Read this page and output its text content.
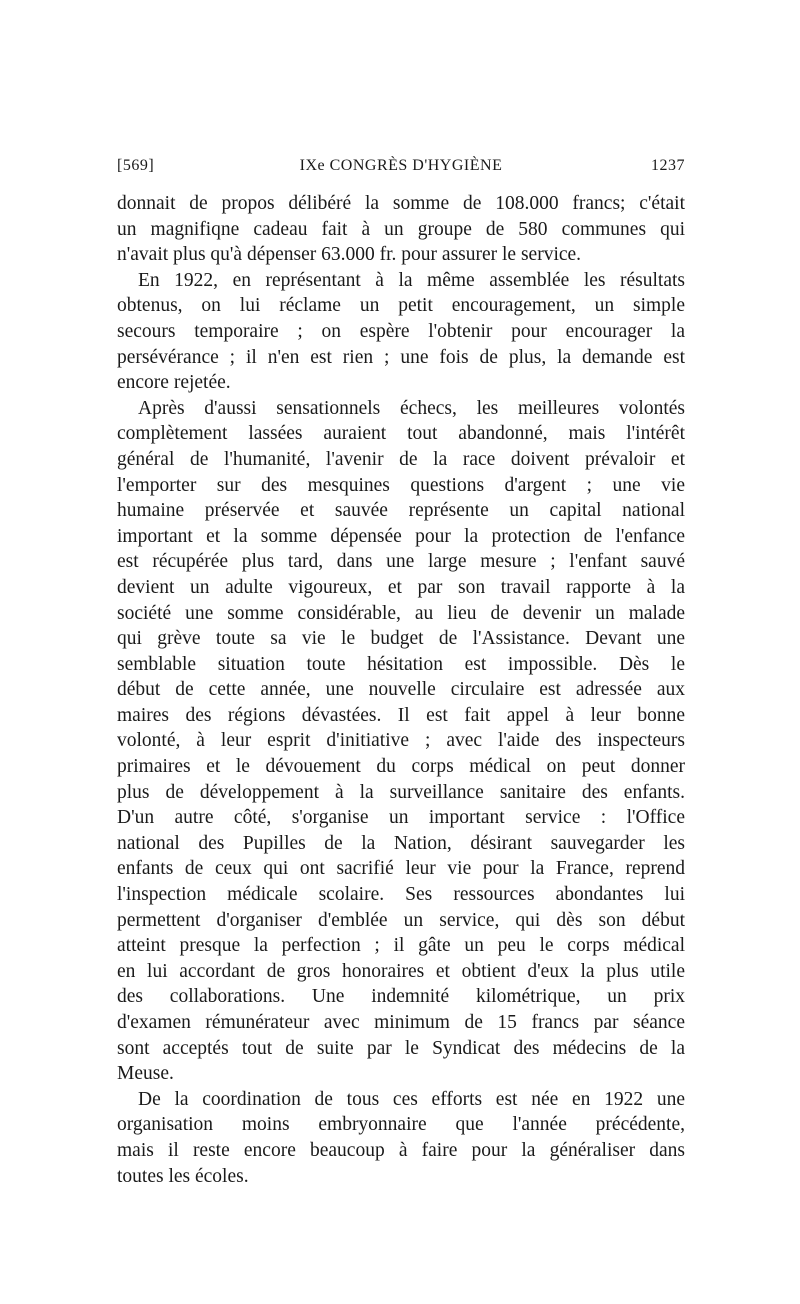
[569]	IXe CONGRÈS D'HYGIÈNE	1237
donnait de propos délibéré la somme de 108.000 francs; c'était
un magnifiqne cadeau fait à un groupe de 580 communes qui
n'avait plus qu'à dépenser 63.000 fr. pour assurer le service.
En 1922, en représentant à la même assemblée les résultats
obtenus, on lui réclame un petit encouragement, un simple
secours temporaire ; on espère l'obtenir pour encourager la
persévérance ; il n'en est rien ; une fois de plus, la demande est
encore rejetée.
Après d'aussi sensationnels échecs, les meilleures volontés
complètement lassées auraient tout abandonné, mais l'intérêt
général de l'humanité, l'avenir de la race doivent prévaloir et
l'emporter sur des mesquines questions d'argent ; une vie
humaine préservée et sauvée représente un capital national
important et la somme dépensée pour la protection de l'enfance
est récupérée plus tard, dans une large mesure ; l'enfant sauvé
devient un adulte vigoureux, et par son travail rapporte à la
société une somme considérable, au lieu de devenir un malade
qui grève toute sa vie le budget de l'Assistance. Devant une
semblable situation toute hésitation est impossible. Dès le
début de cette année, une nouvelle circulaire est adressée aux
maires des régions dévastées. Il est fait appel à leur bonne
volonté, à leur esprit d'initiative ; avec l'aide des inspecteurs
primaires et le dévouement du corps médical on peut donner
plus de développement à la surveillance sanitaire des enfants.
D'un autre côté, s'organise un important service : l'Office
national des Pupilles de la Nation, désirant sauvegarder les
enfants de ceux qui ont sacrifié leur vie pour la France, reprend
l'inspection médicale scolaire. Ses ressources abondantes lui
permettent d'organiser d'emblée un service, qui dès son début
atteint presque la perfection ; il gâte un peu le corps médical
en lui accordant de gros honoraires et obtient d'eux la plus utile
des collaborations. Une indemnité kilométrique, un prix
d'examen rémunérateur avec minimum de 15 francs par séance
sont acceptés tout de suite par le Syndicat des médecins de la
Meuse.
De la coordination de tous ces efforts est née en 1922 une
organisation moins embryonnaire que l'année précédente,
mais il reste encore beaucoup à faire pour la généraliser dans
toutes les écoles.
